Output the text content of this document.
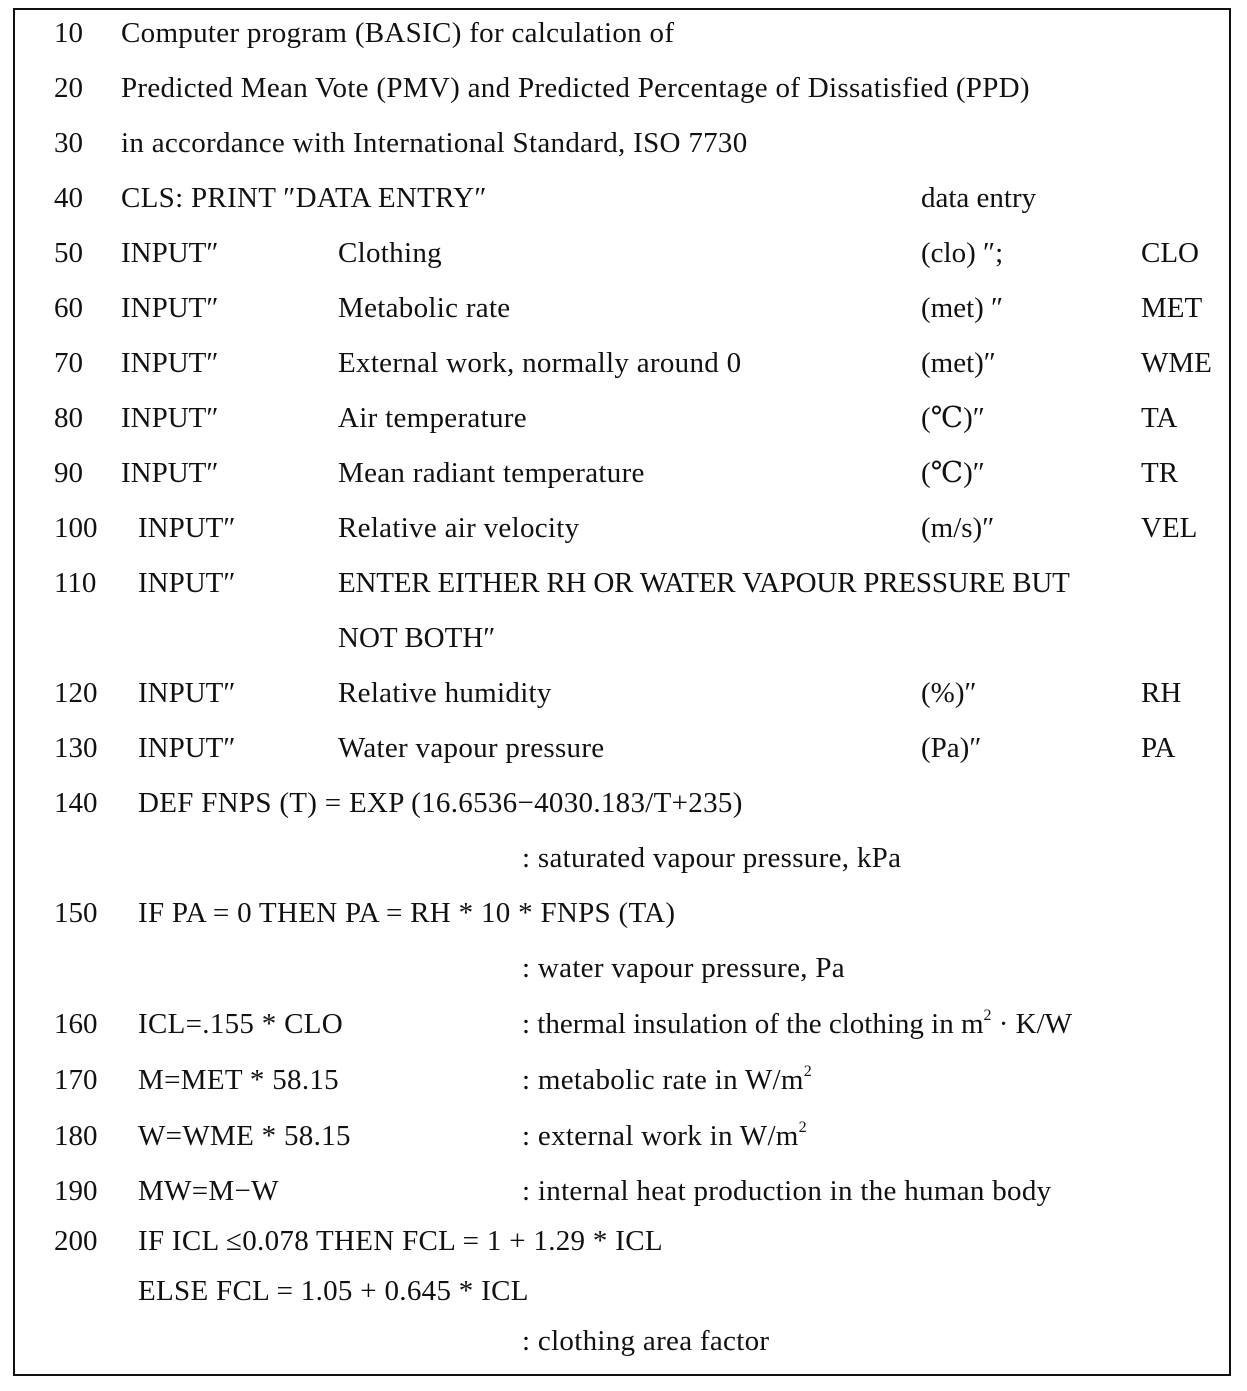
10 Computer program (BASIC) for calculation of
20 Predicted Mean Vote (PMV) and Predicted Percentage of Dissatisfied (PPD)
30 in accordance with International Standard, ISO 7730
40 CLS: PRINT ″DATA ENTRY″	data entry
50 INPUT″	Clothing	(clo) ″;	CLO
60 INPUT″	Metabolic rate	(met) ″	MET
70 INPUT″	External work, normally around 0	(met)″	WME
80 INPUT″	Air temperature	(℃)″	TA
90 INPUT″	Mean radiant temperature	(℃)″	TR
100 INPUT″	Relative air velocity	(m/s)″	VEL
110 INPUT″	ENTER EITHER RH OR WATER VAPOUR PRESSURE BUT
NOT BOTH″
120 INPUT″	Relative humidity	(%)″	RH
130 INPUT″	Water vapour pressure	(Pa)″	PA
140 DEF FNPS (T) = EXP (16.6536−4030.183/T+235)
: saturated vapour pressure, kPa
150 IF PA = 0 THEN PA = RH * 10 * FNPS (TA)
: water vapour pressure, Pa
160 ICL=.155 * CLO	: thermal insulation of the clothing in $m^2 \cdot K/W$
170 M=MET * 58.15	: metabolic rate in $W/m^2$
180 W=WME * 58.15	: external work in $W/m^2$
190 MW=M−W	: internal heat production in the human body
200 IF ICL ≤0.078 THEN FCL = 1 + 1.29 * ICL
ELSE FCL = 1.05 + 0.645 * ICL
: clothing area factor
